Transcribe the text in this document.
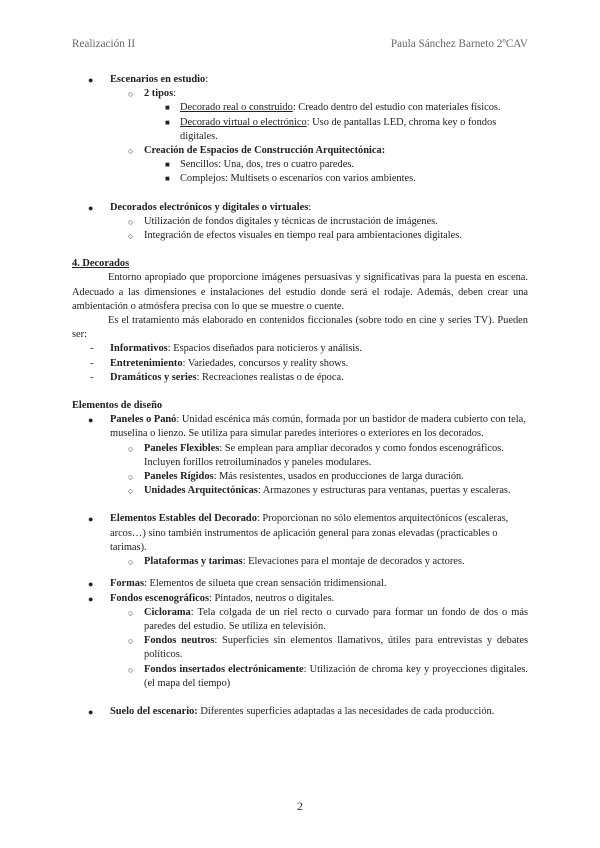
Realización II	Paula Sánchez Barneto 2ºCAV
● Escenarios en estudio:
○ 2 tipos:
■ Decorado real o construido: Creado dentro del estudio con materiales físicos.
■ Decorado virtual o electrónico: Uso de pantallas LED, chroma key o fondos digitales.
○ Creación de Espacios de Construcción Arquitectónica:
■ Sencillos: Una, dos, tres o cuatro paredes.
■ Complejos: Multisets o escenarios con varios ambientes.
● Decorados electrónicos y digitales o virtuales:
○ Utilización de fondos digitales y técnicas de incrustación de imágenes.
○ Integración de efectos visuales en tiempo real para ambientaciones digitales.
4. Decorados
Entorno apropiado que proporcione imágenes persuasivas y significativas para la puesta en escena. Adecuado a las dimensiones e instalaciones del estudio donde será el rodaje. Además, deben crear una ambientación o atmósfera precisa con lo que se muestre o cuente.
Es el tratamiento más elaborado en contenidos ficcionales (sobre todo en cine y series TV). Pueden ser:
- Informativos: Espacios diseñados para noticieros y análisis.
- Entretenimiento: Variedades, concursos y reality shows.
- Dramáticos y series: Recreaciones realistas o de época.
Elementos de diseño
● Paneles o Panó: Unidad escénica más común, formada por un bastidor de madera cubierto con tela, muselina o lienzo. Se utiliza para simular paredes interiores o exteriores en los decorados.
○ Paneles Flexibles: Se emplean para ampliar decorados y como fondos escenográficos. Incluyen forillos retroiluminados y paneles modulares.
○ Paneles Rígidos: Más resistentes, usados en producciones de larga duración.
○ Unidades Arquitectónicas: Armazones y estructuras para ventanas, puertas y escaleras.
● Elementos Estables del Decorado: Proporcionan no sólo elementos arquitectónicos (escaleras, arcos…) sino también instrumentos de aplicación general para zonas elevadas (practicables o tarimas).
○ Plataformas y tarimas: Elevaciones para el montaje de decorados y actores.
● Formas: Elementos de silueta que crean sensación tridimensional.
● Fondos escenográficos: Pintados, neutros o digitales.
○ Ciclorama: Tela colgada de un riel recto o curvado para formar un fondo de dos o más paredes del estudio. Se utiliza en televisión.
○ Fondos neutros: Superficies sin elementos llamativos, útiles para entrevistas y debates políticos.
○ Fondos insertados electrónicamente: Utilización de chroma key y proyecciones digitales. (el mapa del tiempo)
● Suelo del escenario: Diferentes superficies adaptadas a las necesidades de cada producción.
2
